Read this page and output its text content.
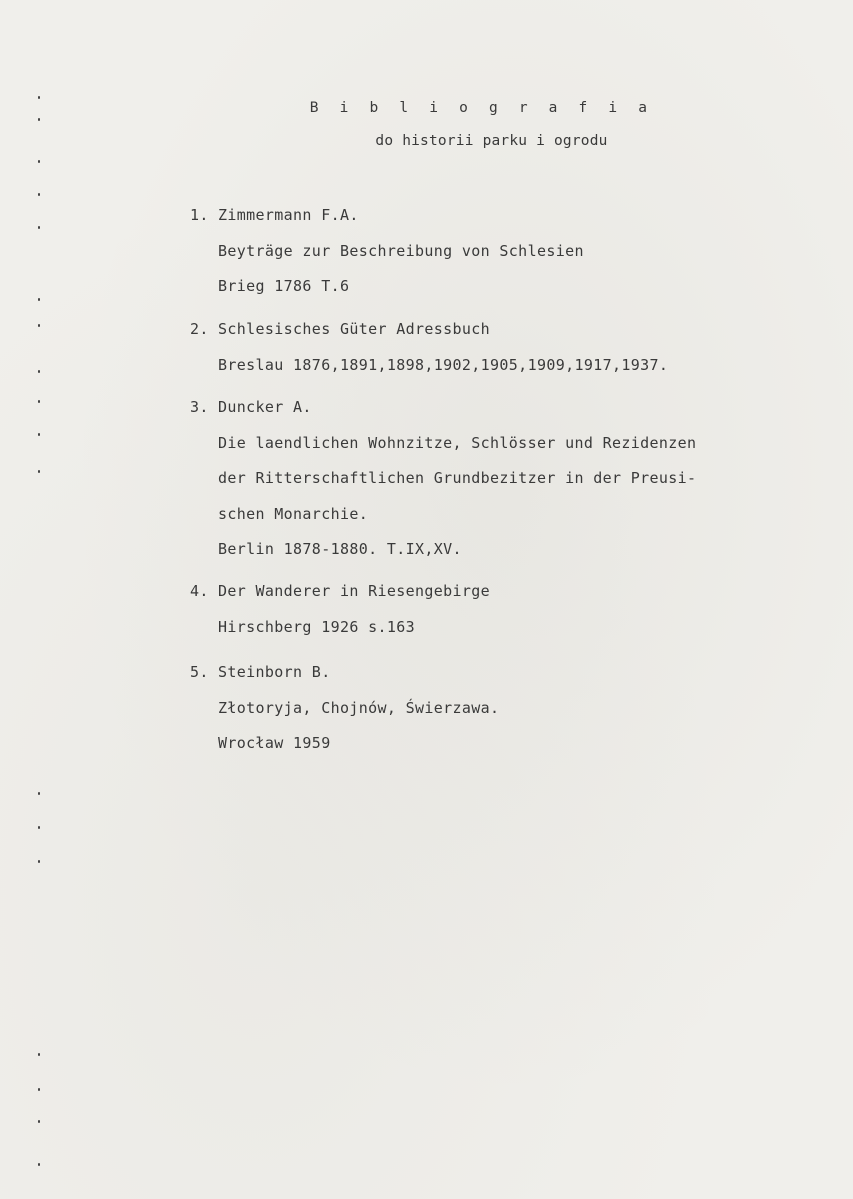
B i b l i o g r a f i a
do historii parku i ogrodu
1. Zimmermann F.A.
Beyträge zur Beschreibung von Schlesien
Brieg 1786 T.6
2. Schlesisches Güter Adressbuch
Breslau 1876,1891,1898,1902,1905,1909,1917,1937.
3. Duncker A.
Die laendlichen Wohnzitze, Schlösser und Rezidenzen
der Ritterschaftlichen Grundbezitzer in der Preusi-
schen Monarchie.
Berlin 1878-1880. T.IX,XV.
4. Der Wanderer in Riesengebirge
Hirschberg 1926 s.163
5. Steinborn B.
Złotoryja, Chojnów, Świerzawa.
Wrocław 1959
